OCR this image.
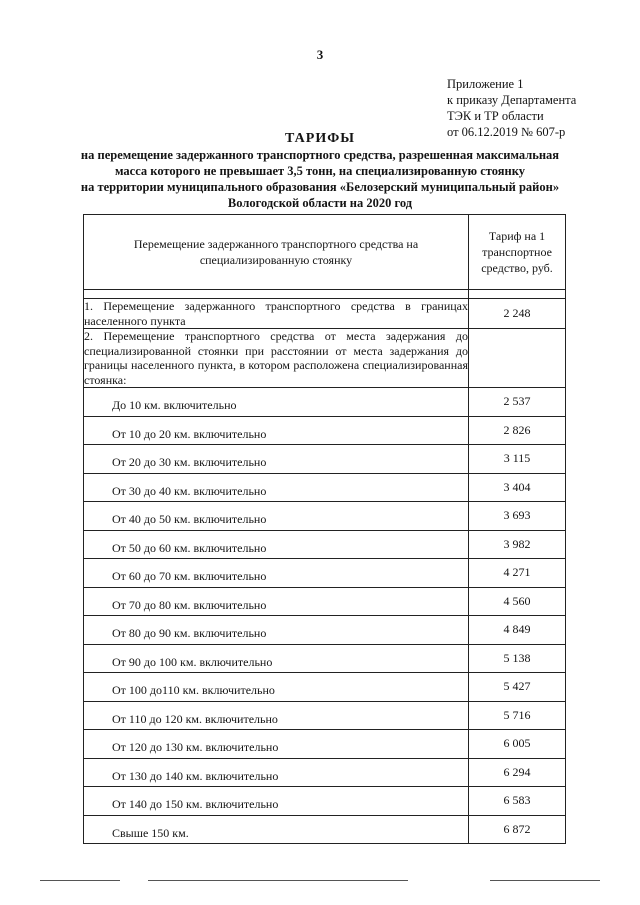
3
Приложение 1
к приказу Департамента
ТЭК и ТР области
от 06.12.2019 № 607-р
ТАРИФЫ
на перемещение задержанного транспортного средства, разрешенная максимальная
масса которого не превышает 3,5 тонн, на специализированную стоянку
на территории муниципального образования «Белозерский муниципальный район»
Вологодской области на 2020 год
Перемещение задержанного транспортного средства на специализированную стоянку	Тариф на 1 транспортное средство, руб.

1. Перемещение задержанного транспортного средства в границах населенного пункта	2 248
2. Перемещение транспортного средства от места задержания до специализированной стоянки при расстоянии от места задержания до границы населенного пункта, в котором расположена специализированная стоянка:	
До 10 км. включительно	2 537
От 10 до 20 км. включительно	2 826
От 20 до 30 км. включительно	3 115
От 30 до 40 км. включительно	3 404
От 40 до 50 км. включительно	3 693
От 50 до 60 км. включительно	3 982
От 60 до 70 км. включительно	4 271
От 70 до 80 км. включительно	4 560
От 80 до 90 км. включительно	4 849
От 90 до 100 км. включительно	5 138
От 100 до110 км. включительно	5 427
От 110 до 120 км. включительно	5 716
От 120 до 130 км. включительно	6 005
От 130 до 140 км. включительно	6 294
От 140 до 150 км. включительно	6 583
Свыше 150 км.	6 872
